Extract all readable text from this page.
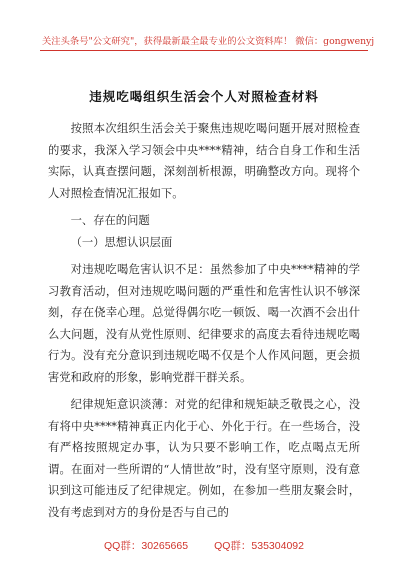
关注头条号"公文研究"，获得最新最全最专业的公文资料库！ 微信：gongwenyj
违规吃喝组织生活会个人对照检查材料

按照本次组织生活会关于聚焦违规吃喝问题开展对照检查的要求，我深入学习领会中央****精神，结合自身工作和生活实际，认真查摆问题，深刻剖析根源，明确整改方向。现将个人对照检查情况汇报如下。

一、存在的问题

（一）思想认识层面

对违规吃喝危害认识不足：虽然参加了中央****精神的学习教育活动，但对违规吃喝问题的严重性和危害性认识不够深刻，存在侥幸心理。总觉得偶尔吃一顿饭、喝一次酒不会出什么大问题，没有从党性原则、纪律要求的高度去看待违规吃喝行为。没有充分意识到违规吃喝不仅是个人作风问题，更会损害党和政府的形象，影响党群干群关系。

纪律规矩意识淡薄：对党的纪律和规矩缺乏敬畏之心，没有将中央****精神真正内化于心、外化于行。在一些场合，没有严格按照规定办事，认为只要不影响工作，吃点喝点无所谓。在面对一些所谓的“人情世故”时，没有坚守原则，没有意识到这可能违反了纪律规定。例如，在参加一些朋友聚会时，没有考虑到对方的身份是否与自己的

QQ群：30265665 QQ群：535304092
